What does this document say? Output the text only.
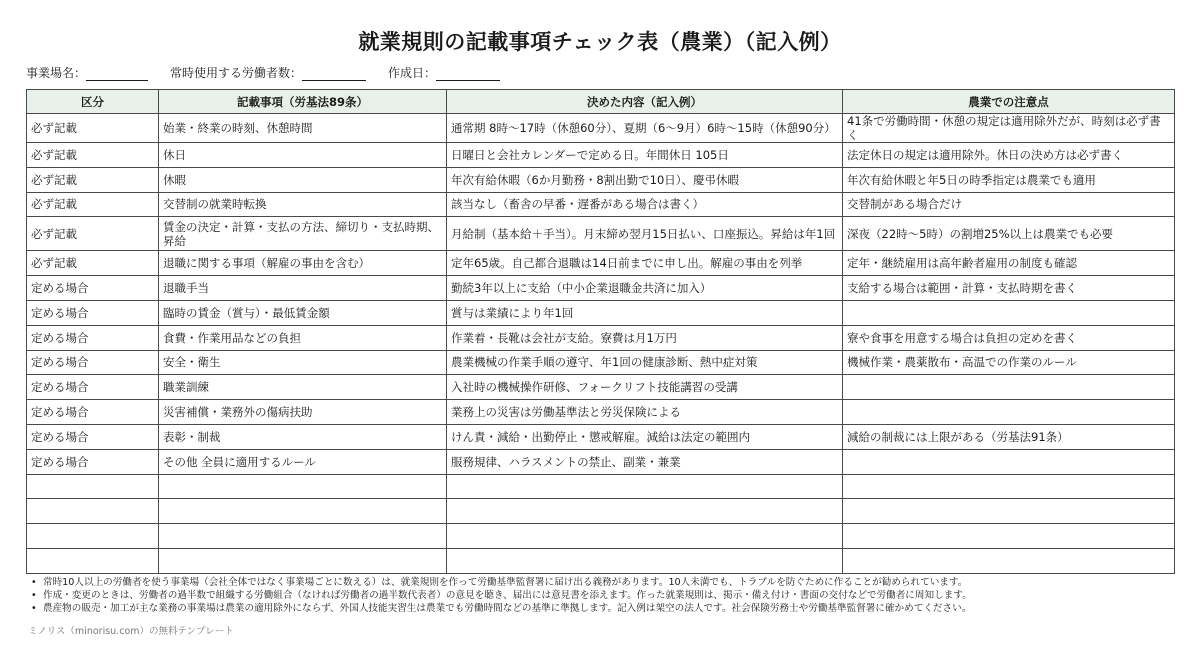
就業規則の記載事項チェック表（農業）（記入例）
事業場名：	常時使用する労働者数：	作成日：
区分	記載事項（労基法89条）	決めた内容（記入例）	農業での注意点
必ず記載	始業・終業の時刻、休憩時間	通常期 8時〜17時（休憩60分）、夏期（6〜9月）6時〜15時（休憩90分）	41条で労働時間・休憩の規定は適用除外だが、時刻は必ず書く
必ず記載	休日	日曜日と会社カレンダーで定める日。年間休日 105日	法定休日の規定は適用除外。休日の決め方は必ず書く
必ず記載	休暇	年次有給休暇（6か月勤務・8割出勤で10日）、慶弔休暇	年次有給休暇と年5日の時季指定は農業でも適用
必ず記載	交替制の就業時転換	該当なし（畜舎の早番・遅番がある場合は書く）	交替制がある場合だけ
必ず記載	賃金の決定・計算・支払の方法、締切り・支払時期、昇給	月給制（基本給＋手当）。月末締め翌月15日払い、口座振込。昇給は年1回	深夜（22時〜5時）の割増25%以上は農業でも必要
必ず記載	退職に関する事項（解雇の事由を含む）	定年65歳。自己都合退職は14日前までに申し出。解雇の事由を列挙	定年・継続雇用は高年齢者雇用の制度も確認
定める場合	退職手当	勤続3年以上に支給（中小企業退職金共済に加入）	支給する場合は範囲・計算・支払時期を書く
定める場合	臨時の賃金（賞与）・最低賃金額	賞与は業績により年1回	
定める場合	食費・作業用品などの負担	作業着・長靴は会社が支給。寮費は月1万円	寮や食事を用意する場合は負担の定めを書く
定める場合	安全・衛生	農業機械の作業手順の遵守、年1回の健康診断、熱中症対策	機械作業・農薬散布・高温での作業のルール
定める場合	職業訓練	入社時の機械操作研修、フォークリフト技能講習の受講	
定める場合	災害補償・業務外の傷病扶助	業務上の災害は労働基準法と労災保険による	
定める場合	表彰・制裁	けん責・減給・出勤停止・懲戒解雇。減給は法定の範囲内	減給の制裁には上限がある（労基法91条）
定める場合	その他 全員に適用するルール	服務規律、ハラスメントの禁止、副業・兼業	

• 常時10人以上の労働者を使う事業場（会社全体ではなく事業場ごとに数える）は、就業規則を作って労働基準監督署に届け出る義務があります。10人未満でも、トラブルを防ぐために作ることが勧められています。
• 作成・変更のときは、労働者の過半数で組織する労働組合（なければ労働者の過半数代表者）の意見を聴き、届出には意見書を添えます。作った就業規則は、掲示・備え付け・書面の交付などで労働者に周知します。
• 農産物の販売・加工が主な業務の事業場は農業の適用除外にならず、外国人技能実習生は農業でも労働時間などの基準に準拠します。記入例は架空の法人です。社会保険労務士や労働基準監督署に確かめてください。
ミノリス（minorisu.com）の無料テンプレート
